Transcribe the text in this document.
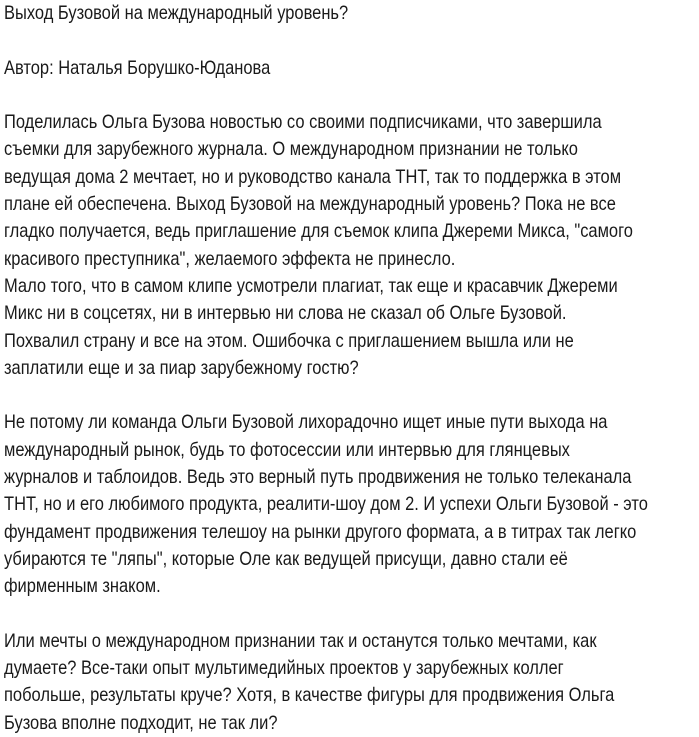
Выход Бузовой на международный уровень?
Автор: Наталья Борушко-Юданова
Поделилась Ольга Бузова новостью со своими подписчиками, что завершила
съемки для зарубежного журнала. О международном признании не только
ведущая дома 2 мечтает, но и руководство канала ТНТ, так то поддержка в этом
плане ей обеспечена. Выход Бузовой на международный уровень? Пока не все
гладко получается, ведь приглашение для съемок клипа Джереми Микса, "самого
красивого преступника", желаемого эффекта не принесло.
Мало того, что в самом клипе усмотрели плагиат, так еще и красавчик Джереми
Микс ни в соцсетях, ни в интервью ни слова не сказал об Ольге Бузовой.
Похвалил страну и все на этом. Ошибочка с приглашением вышла или не
заплатили еще и за пиар зарубежному гостю?
Не потому ли команда Ольги Бузовой лихорадочно ищет иные пути выхода на
международный рынок, будь то фотосессии или интервью для глянцевых
журналов и таблоидов. Ведь это верный путь продвижения не только телеканала
ТНТ, но и его любимого продукта, реалити-шоу дом 2. И успехи Ольги Бузовой - это
фундамент продвижения телешоу на рынки другого формата, а в титрах так легко
убираются те "ляпы", которые Оле как ведущей присущи, давно стали её
фирменным знаком.
Или мечты о международном признании так и останутся только мечтами, как
думаете? Все-таки опыт мультимедийных проектов у зарубежных коллег
побольше, результаты круче? Хотя, в качестве фигуры для продвижения Ольга
Бузова вполне подходит, не так ли?
